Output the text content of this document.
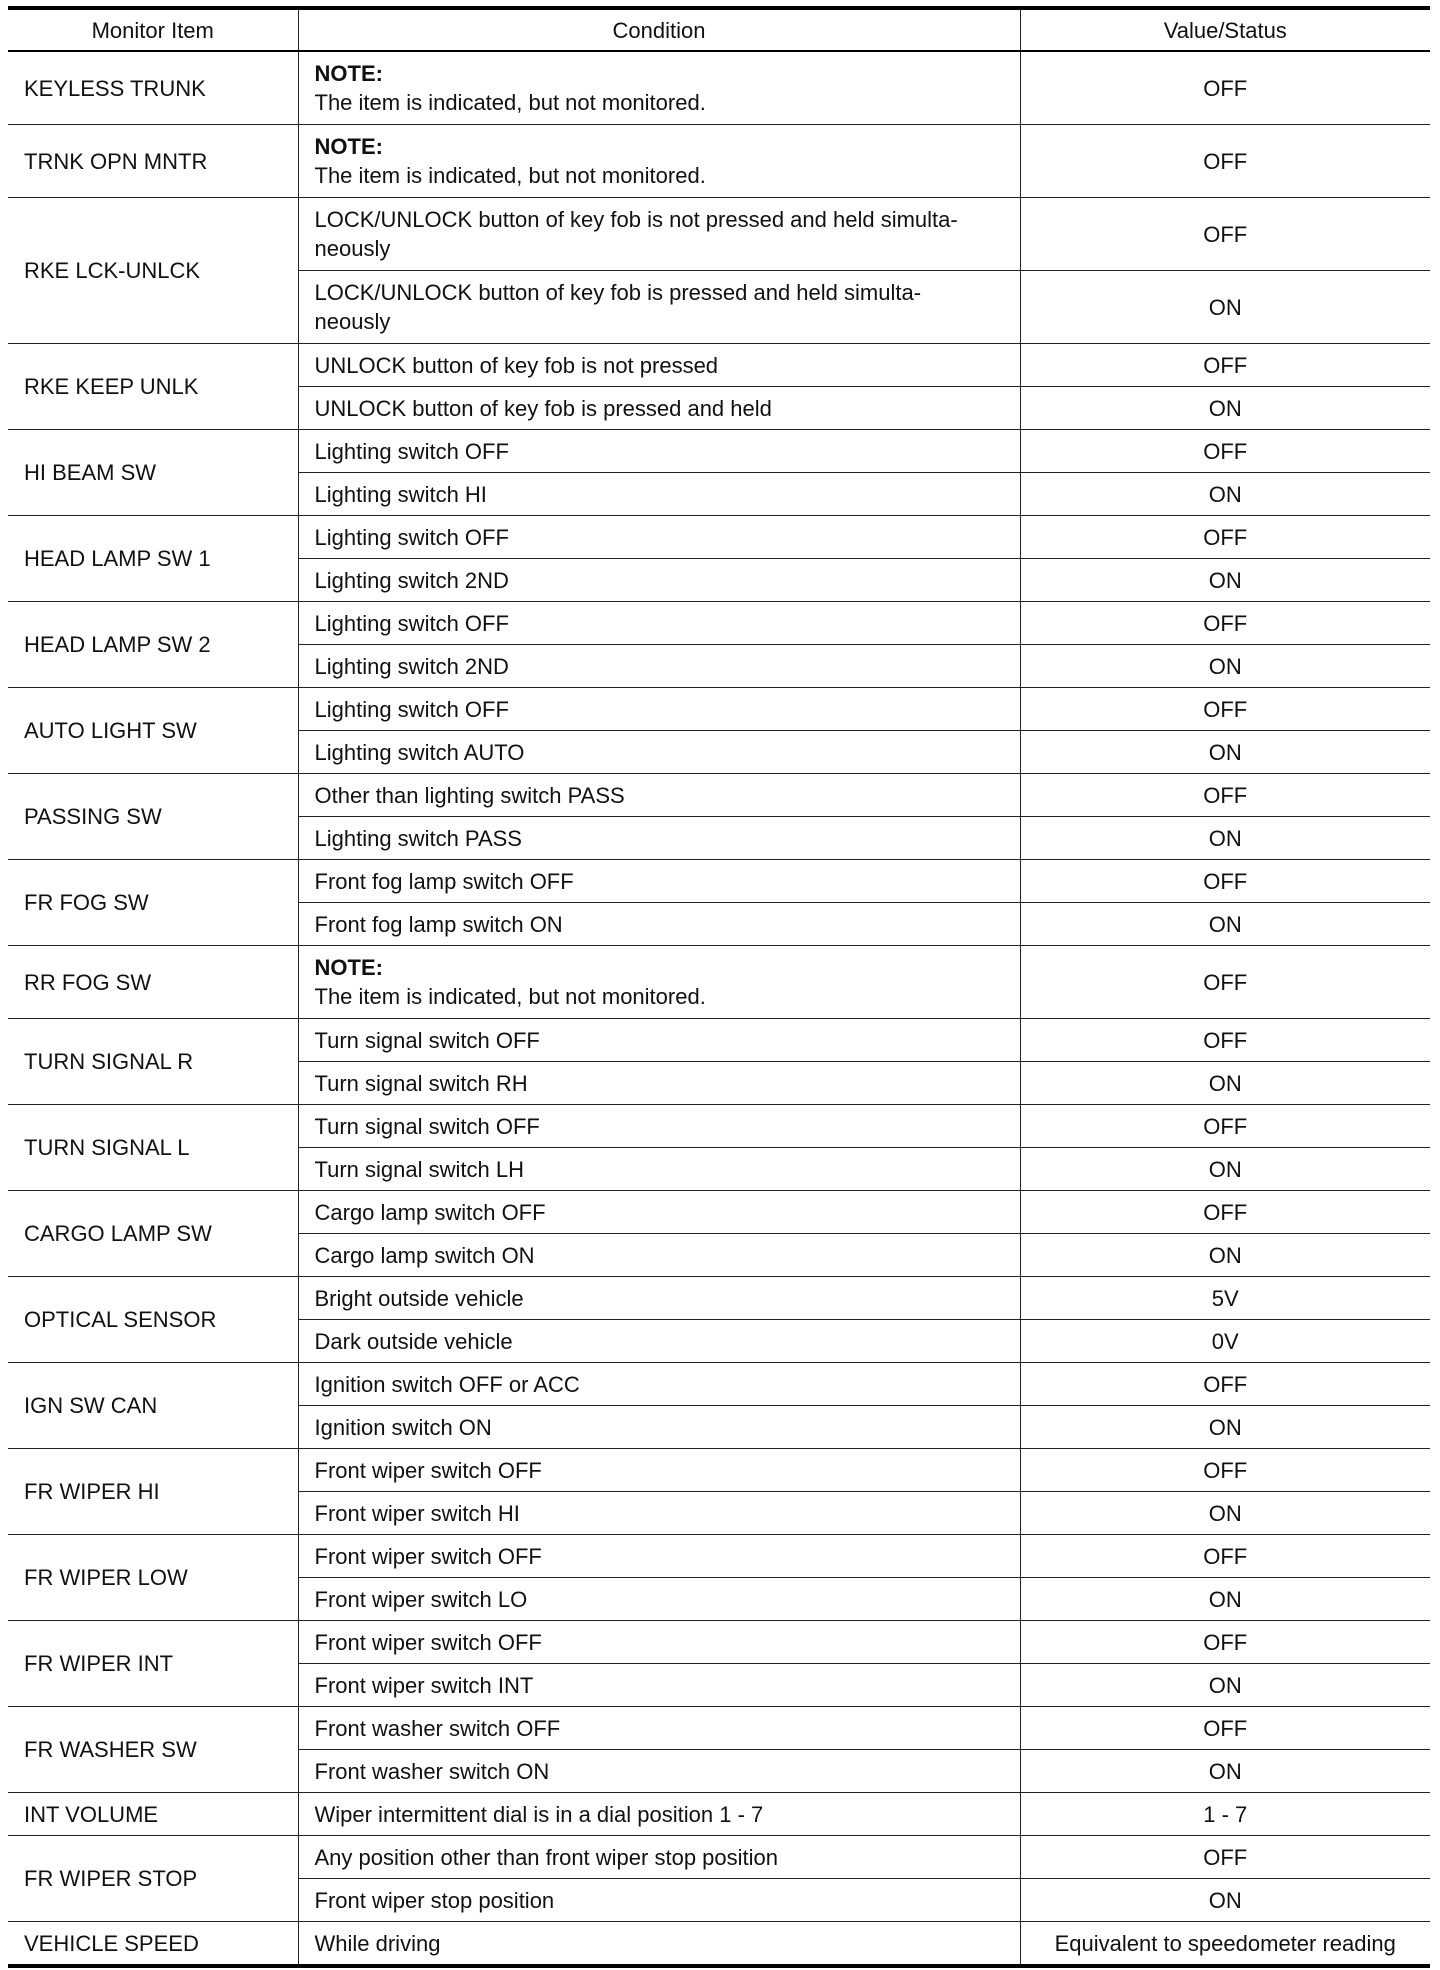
Monitor Item	Condition	Value/Status
KEYLESS TRUNK	NOTE:
The item is indicated, but not monitored.	OFF
TRNK OPN MNTR	NOTE:
The item is indicated, but not monitored.	OFF
RKE LCK-UNLCK	LOCK/UNLOCK button of key fob is not pressed and held simulta-
neously	OFF
	LOCK/UNLOCK button of key fob is pressed and held simulta-
neously	ON
RKE KEEP UNLK	UNLOCK button of key fob is not pressed	OFF
	UNLOCK button of key fob is pressed and held	ON
HI BEAM SW	Lighting switch OFF	OFF
	Lighting switch HI	ON
HEAD LAMP SW 1	Lighting switch OFF	OFF
	Lighting switch 2ND	ON
HEAD LAMP SW 2	Lighting switch OFF	OFF
	Lighting switch 2ND	ON
AUTO LIGHT SW	Lighting switch OFF	OFF
	Lighting switch AUTO	ON
PASSING SW	Other than lighting switch PASS	OFF
	Lighting switch PASS	ON
FR FOG SW	Front fog lamp switch OFF	OFF
	Front fog lamp switch ON	ON
RR FOG SW	NOTE:
The item is indicated, but not monitored.	OFF
TURN SIGNAL R	Turn signal switch OFF	OFF
	Turn signal switch RH	ON
TURN SIGNAL L	Turn signal switch OFF	OFF
	Turn signal switch LH	ON
CARGO LAMP SW	Cargo lamp switch OFF	OFF
	Cargo lamp switch ON	ON
OPTICAL SENSOR	Bright outside vehicle	5V
	Dark outside vehicle	0V
IGN SW CAN	Ignition switch OFF or ACC	OFF
	Ignition switch ON	ON
FR WIPER HI	Front wiper switch OFF	OFF
	Front wiper switch HI	ON
FR WIPER LOW	Front wiper switch OFF	OFF
	Front wiper switch LO	ON
FR WIPER INT	Front wiper switch OFF	OFF
	Front wiper switch INT	ON
FR WASHER SW	Front washer switch OFF	OFF
	Front washer switch ON	ON
INT VOLUME	Wiper intermittent dial is in a dial position 1 - 7	1 - 7
FR WIPER STOP	Any position other than front wiper stop position	OFF
	Front wiper stop position	ON
VEHICLE SPEED	While driving	Equivalent to speedometer reading
